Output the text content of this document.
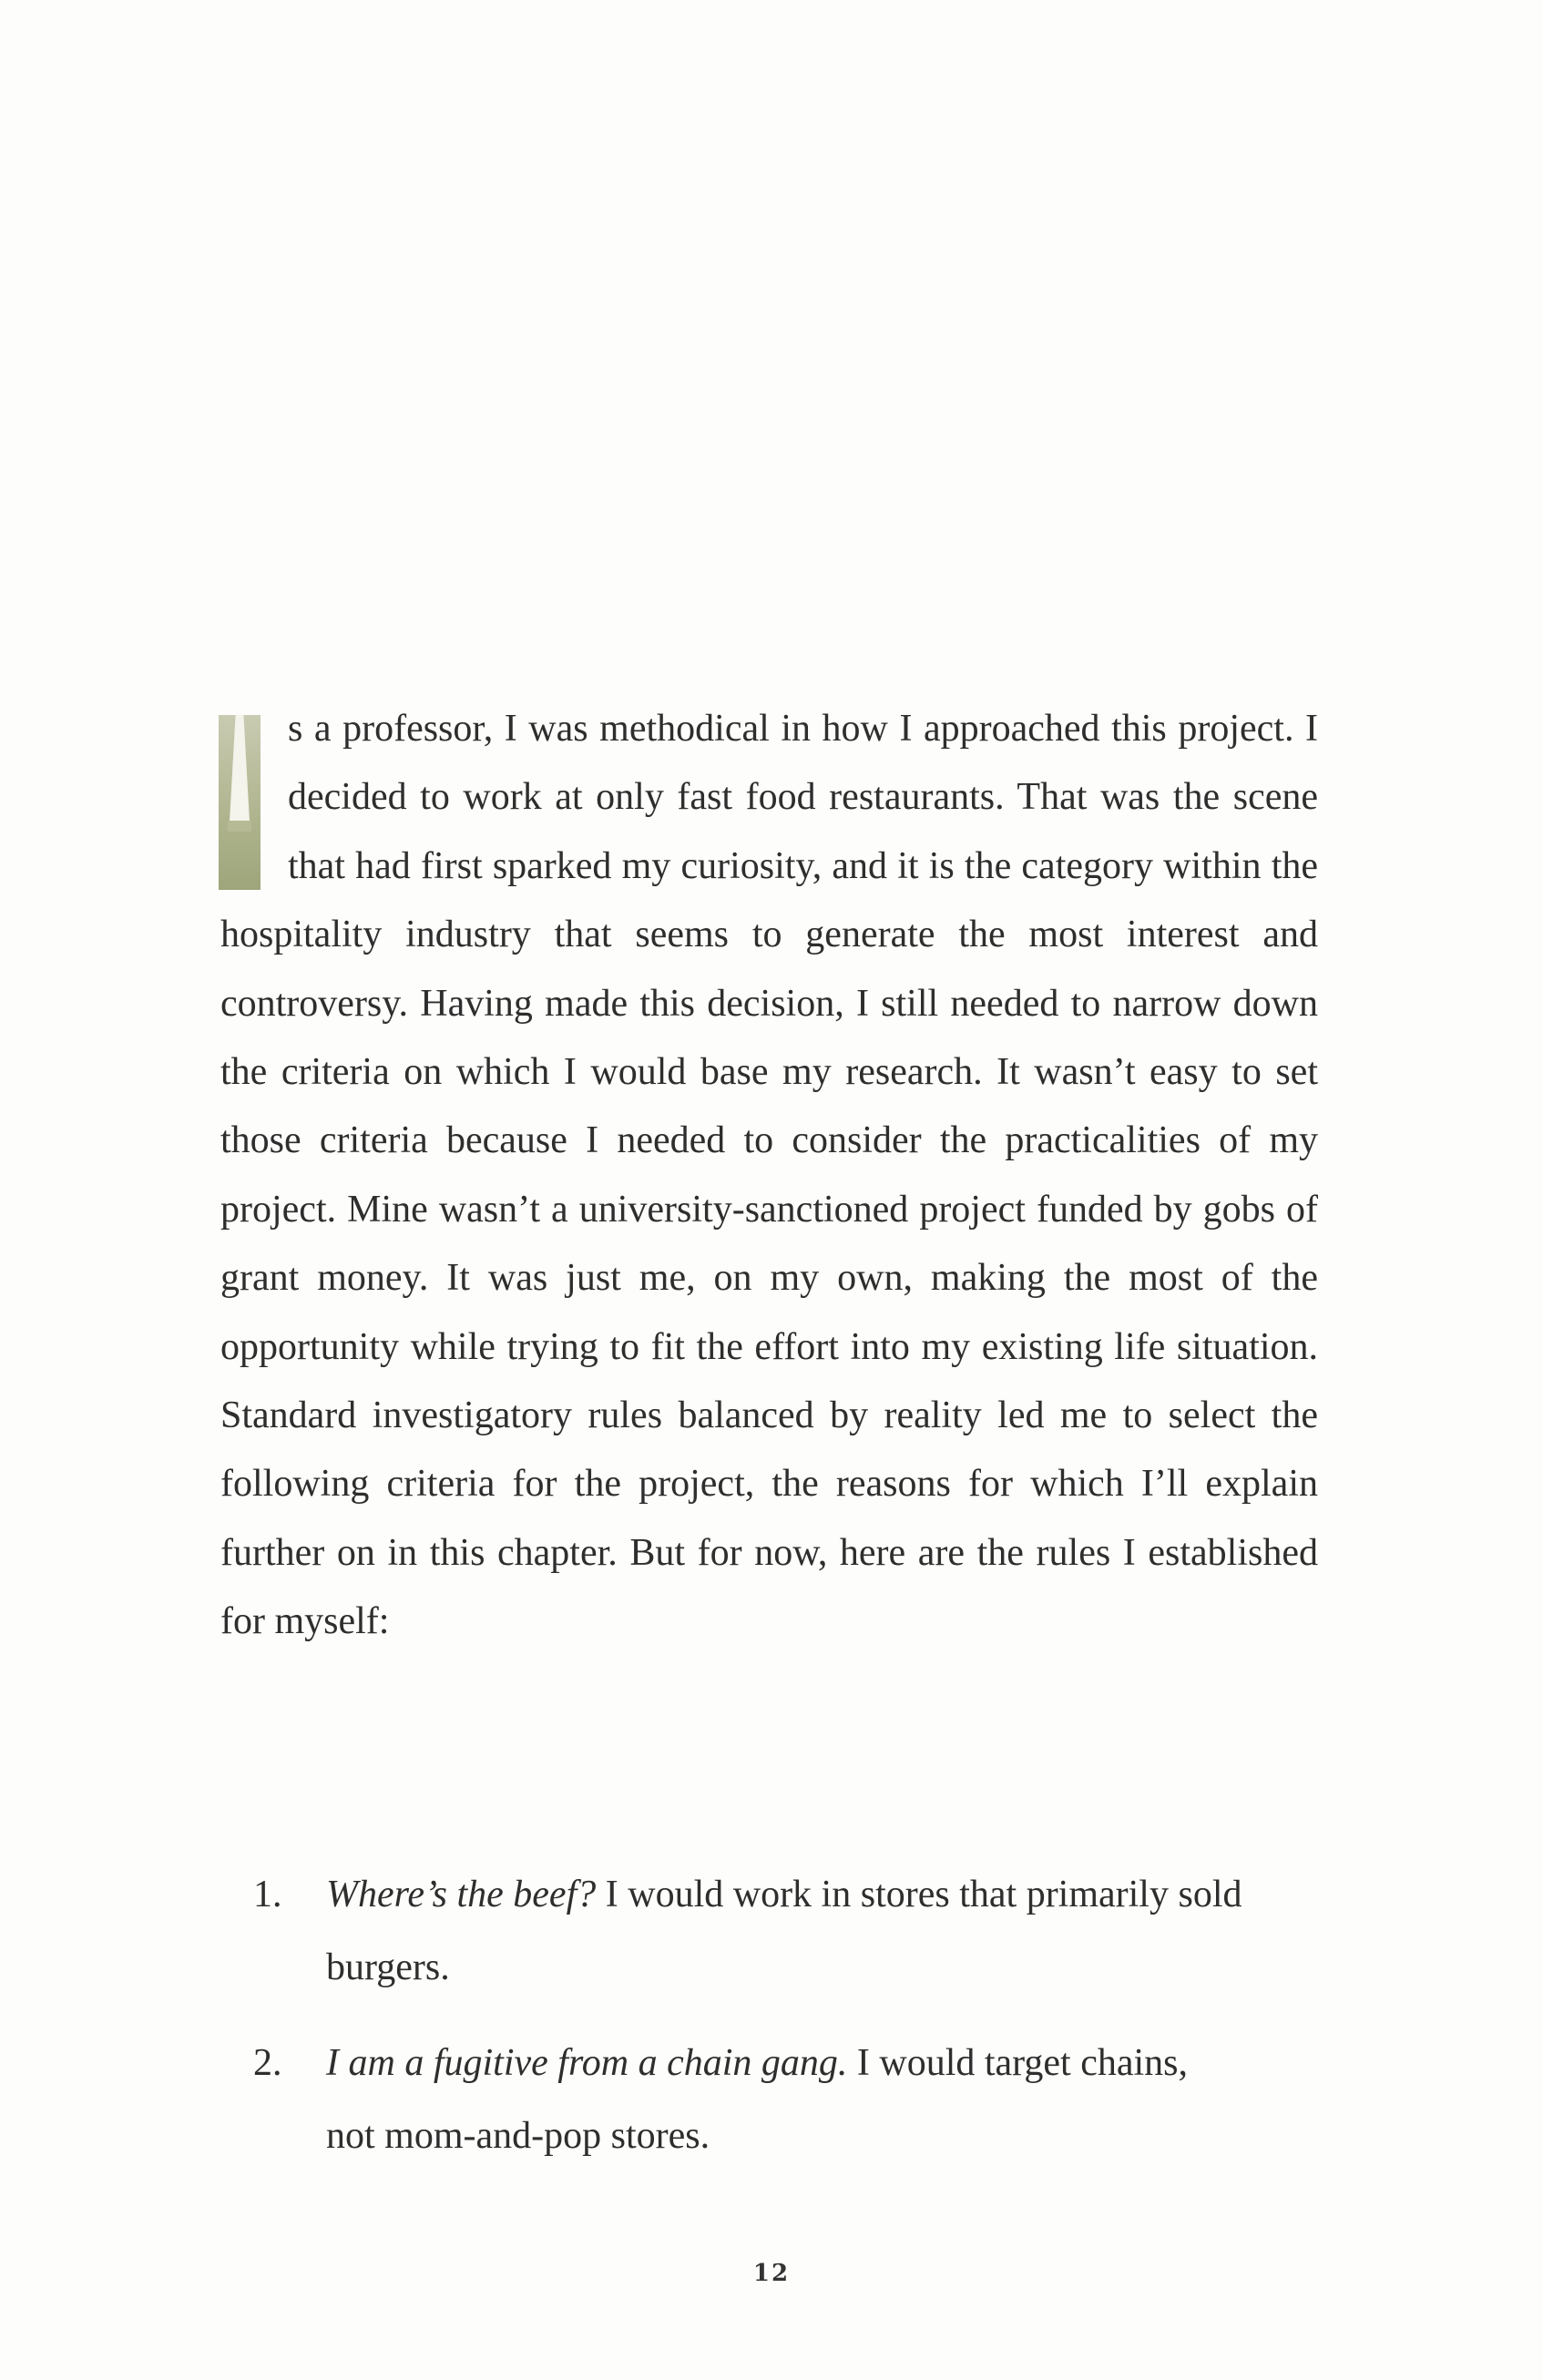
s a professor, I was methodical in how I approached this project. I decided to work at only fast food restaurants. That was the scene that had first sparked my curiosity, and it is the category within the hospitality industry that seems to generate the most interest and controversy. Having made this decision, I still needed to narrow down the criteria on which I would base my research. It wasn’t easy to set those criteria because I needed to consider the practicalities of my project. Mine wasn’t a university-sanctioned project funded by gobs of grant money. It was just me, on my own, making the most of the opportunity while trying to fit the effort into my existing life situation. Standard investigatory rules balanced by reality led me to select the following criteria for the project, the reasons for which I’ll explain further on in this chapter. But for now, here are the rules I established for myself:

1. Where’s the beef? I would work in stores that primarily sold burgers.
2. I am a fugitive from a chain gang. I would target chains, not mom-and-pop stores.
12
